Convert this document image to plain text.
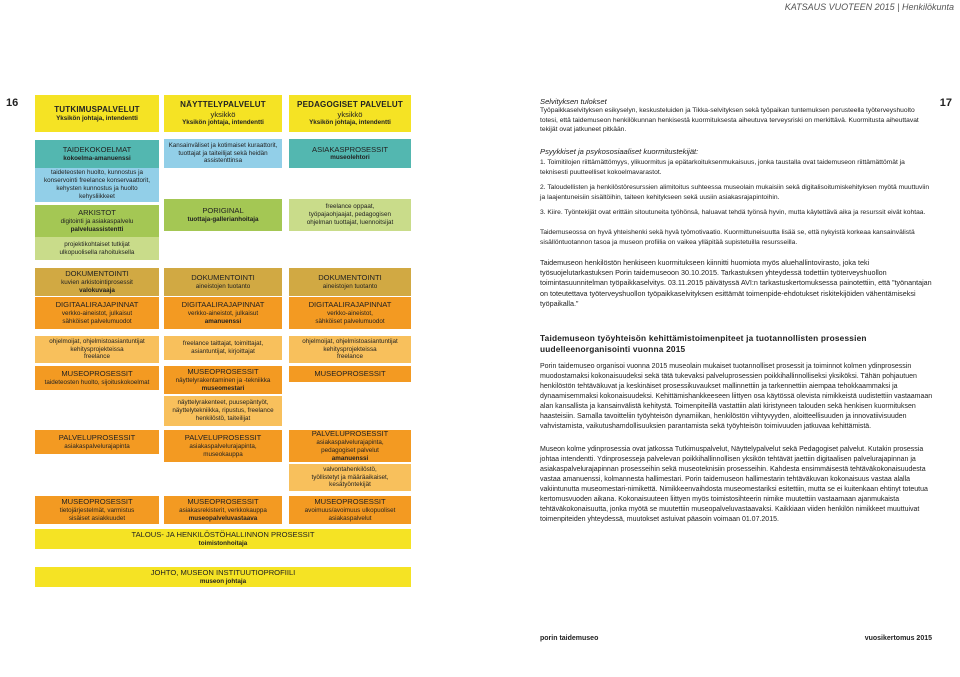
KATSAUS VUOTEEN 2015 | Henkilökunta
16	17
TUTKIMUSPALVELUT
Yksikön johtaja, intendentti
TAIDEKOKOELMAT
kokoelma-amanuenssi
taideteosten huolto, kunnostus ja konservointi freelance konservaattorit, kehysten kunnostus ja huolto
kehysliikkeet
ARKISTOT
digitointi ja asiakaspalvelu
palveluassistentti
projektikohtaiset tutkijat
ulkopuolisella rahoituksella
DOKUMENTOINTI
kuvien arkistointiprosessit
valokuvaaja
DIGITAALIRAJAPINNAT
verkko-aineistot, julkaisut
sähköiset palvelumuodot
ohjelmoijat, ohjelmistoasiantuntijat
kehitysprojekteissa
freelance
MUSEOPROSESSIT
taideteosten huolto, sijoituskokoelmat
PALVELUPROSESSIT
asiakaspalvelurajapinta
MUSEOPROSESSIT
tietojärjestelmät, varmistus
sisäiset asiakkuudet
NÄYTTELYPALVELUT
yksikkö
Yksikön johtaja, intendentti
Kansainväliset ja kotimaiset kuraattorit, tuottajat ja taiteilijat sekä heidän assistenttinsa
PORIGINAL
tuottaja-gallerianhoitaja
DOKUMENTOINTI
aineistojen tuotanto
DIGITAALIRAJAPINNAT
verkko-aineistot, julkaisut
amanuenssi
freelance taittajat, toimittajat,
asiantuntijat, kirjoittajat
MUSEOPROSESSIT
näyttelyrakentaminen ja -tekniikka
museomestari
näyttelyrakenteet, puusepäntyöt, näyttelytekniikka, ripustus, freelance henkilöstö, taiteilijat
PALVELUPROSESSIT
asiakaspalvelurajapinta,
museokauppa
MUSEOPROSESSIT
asiakasrekisterit, verkkokauppa
museopalveluvastaava
PEDAGOGISET PALVELUT
yksikkö
Yksikön johtaja, intendentti
ASIAKASPROSESSIT
museolehtori
freelance oppaat,
työpajaohjaajat, pedagogisen
ohjelman tuottajat, luennoitsijat
DOKUMENTOINTI
aineistojen tuotanto
DIGITAALIRAJAPINNAT
verkko-aineistot,
sähköiset palvelumuodot
ohjelmoijat, ohjelmistoasiantuntijat
kehitysprojekteissa
freelance
MUSEOPROSESSIT
PALVELUPROSESSIT
asiakaspalvelurajapinta,
pedagogiset palvelut
amanuenssi
valvontahenkilöstö,
työllistetyt ja määräaikaiset,
kesätyöntekijät
MUSEOPROSESSIT
avoimuus/avoimuus ulkopuoliset
asiakaspalvelut
TALOUS- JA HENKILÖSTÖHALLINNON PROSESSIT
toimistonhoitaja
JOHTO, MUSEON INSTITUUTIOPROFIILI
museon johtaja
Selvityksen tulokset
Työpaikkaselvityksen esikyselyn, keskusteluiden ja Tikka-selvityksen sekä työpaikan tuntemuksen perusteella työterveyshuolto totesi, että taidemuseon henkilökunnan henkisestä kuormituksesta aiheutuva terveysriski on merkittävä. Kuormitusta aiheuttavat tekijät ovat jatkuneet pitkään.
Psyykkiset ja psykososiaaliset kuormitustekijät:
1. Toimitilojen riittämättömyys, ylikuormitus ja epätarkoituksenmukaisuus, jonka taustalla ovat taidemuseon riittämättömät ja teknisesti puutteelliset kokoelmavarastot.
2. Taloudellisten ja henkilöstöresurssien alimitoitus suhteessa museolain mukaisiin sekä digitalisoitumiskehityksen myötä muuttuviin ja laajentuneisiin sisältöihin, taiteen kehitykseen sekä uusiin asiakasrajapintoihin.
3. Kiire. Työntekijät ovat erittäin sitoutuneita työhönsä, haluavat tehdä työnsä hyvin, mutta käytettävä aika ja resurssit eivät kohtaa.
Taidemuseossa on hyvä yhteishenki sekä hyvä työmotivaatio. Kuormittuneisuutta lisää se, että nykyistä korkeaa kansainvälistä sisällöntuotannon tasoa ja museon profiilia on vaikea ylläpitää supistetuilla resursseilla.
Taidemuseon henkilöstön henkiseen kuormitukseen kiinnitti huomiota myös aluehallintovirasto, joka teki työsuojelutarkastuksen Porin taidemuseoon 30.10.2015. Tarkastuksen yhteydessä todettiin työterveyshuollon toimintasuunnitelman työpaikkaselvitys. 03.11.2015 päivätyssä AVI:n tarkastuskertomuksessa painotettiin, että ”työnantajan on toteutettava työterveyshuollon työpaikkaselvityksen esittämät toimenpide-ehdotukset riskitekijöiden vähentämiseksi työpaikalla.”
Taidemuseon työyhteisön kehittämistoimenpiteet ja tuotannollisten prosessien uudelleenorganisointi vuonna 2015
Porin taidemuseo organisoi vuonna 2015 museolain mukaiset tuotannolliset prosessit ja toiminnot kolmen ydinprosessin muodostamaksi kokonaisuudeksi sekä tätä tukevaksi palveluprosessien poikkihallinnolliseksi yksiköksi. Tähän pohjautuen henkilöstön tehtäväkuvat ja keskinäiset prosessikuvaukset mallinnettiin ja tarkennettiin aiempaa tehokkaammaksi ja dynaamisemmaksi kokonaisuudeksi. Kehittämishankkeeseen liittyen osa käytössä olevista nimikkeistä uudistettiin vastaamaan alan kansallista ja kansainvälistä kehitystä. Toimenpiteillä vastattiin alati kiristyneen talouden sekä henkisen kuormituksen haasteisiin. Samalla tavoitteliin työyhteisön dynamiikan, henkilöstön viihtyvyyden, aloitteellisuuden ja innovatiivisuuden vahvistamista, vaikutushamdollisuuksien parantamista sekä työyhteisön toimivuuden jatkuvaa kehittämistä.
Museon kolme ydinprosessia ovat jatkossa Tutkimuspalvelut, Näyttelypalvelut sekä Pedagogiset palvelut. Kutakin prosessia johtaa intendentti. Ydinprosesseja palvelevan poikkihallinnollisen yksikön tehtävät jaettiin digitaalisen palvelurajapinnan ja asiakaspalvelurajapinnan prosesseihin sekä museoteknisiin prosesseihin. Kahdesta ensimmäisestä tehtäväkokonaisuudesta vastaa amanuenssi, kolmannesta hallimestari. Porin taidemuseon hallimestarin tehtäväkuvan kokonaisuus vastaa alalla vakiintunutta museomestari-nimikettä. Nimikkeenvaihdosta museomestariksi esitettiin, mutta se ei kuitenkaan ehtinyt toteutua kertomusvuoden aikana. Kokonaisuuteen liittyen myös toimistosihteerin nimike muutettiin vastaamaan ajanmukaista tehtäväkokonaisuutta, jonka myötä se muutettiin museopalveluvastaavaksi. Kaikkiaan viiden henkilön nimikkeet muuttuivat toimenpiteiden yhteydessä, muutokset astuivat päasoin voimaan 01.07.2015.
porin taidemuseo	vuosikertomus 2015
